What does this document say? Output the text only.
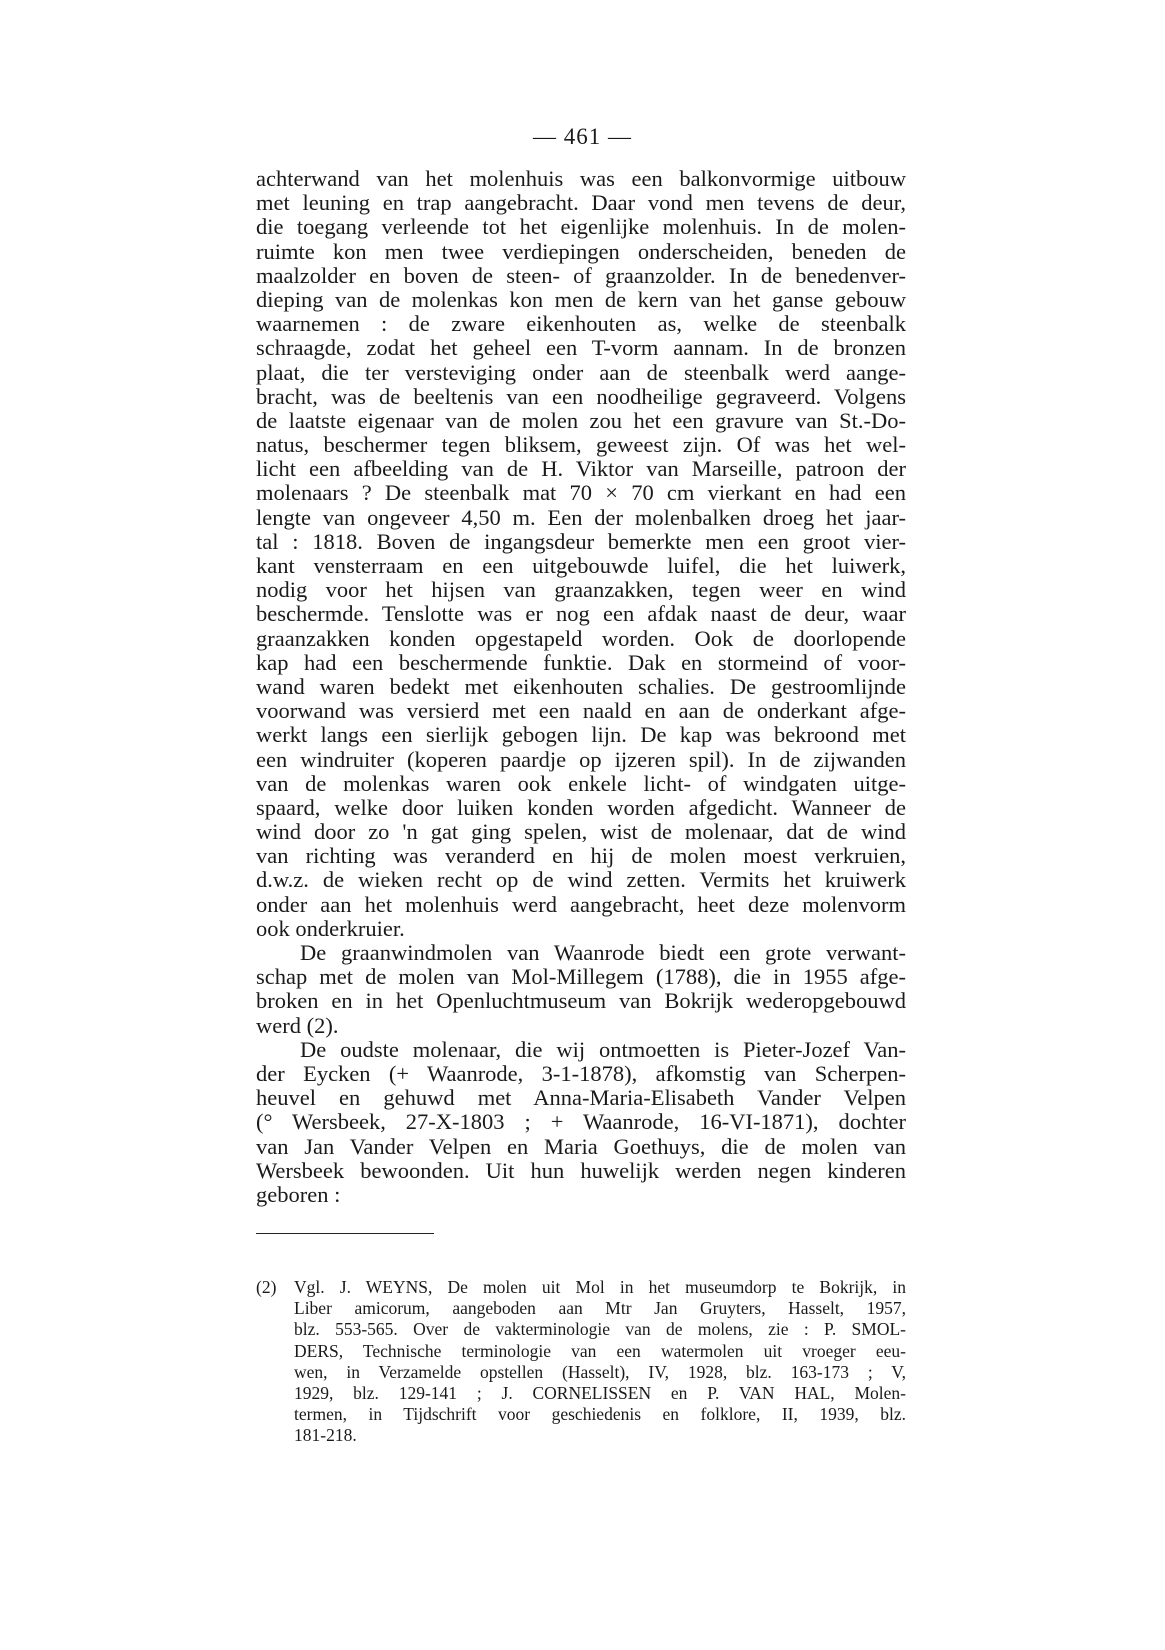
— 461 —
achterwand van het molenhuis was een balkonvormige uitbouw
met leuning en trap aangebracht. Daar vond men tevens de deur,
die toegang verleende tot het eigenlijke molenhuis. In de molen-
ruimte kon men twee verdiepingen onderscheiden, beneden de
maalzolder en boven de steen- of graanzolder. In de benedenver-
dieping van de molenkas kon men de kern van het ganse gebouw
waarnemen : de zware eikenhouten as, welke de steenbalk
schraagde, zodat het geheel een T-vorm aannam. In de bronzen
plaat, die ter versteviging onder aan de steenbalk werd aange-
bracht, was de beeltenis van een noodheilige gegraveerd. Volgens
de laatste eigenaar van de molen zou het een gravure van St.-Do-
natus, beschermer tegen bliksem, geweest zijn. Of was het wel-
licht een afbeelding van de H. Viktor van Marseille, patroon der
molenaars ? De steenbalk mat 70 × 70 cm vierkant en had een
lengte van ongeveer 4,50 m. Een der molenbalken droeg het jaar-
tal : 1818. Boven de ingangsdeur bemerkte men een groot vier-
kant vensterraam en een uitgebouwde luifel, die het luiwerk,
nodig voor het hijsen van graanzakken, tegen weer en wind
beschermde. Tenslotte was er nog een afdak naast de deur, waar
graanzakken konden opgestapeld worden. Ook de doorlopende
kap had een beschermende funktie. Dak en stormeind of voor-
wand waren bedekt met eikenhouten schalies. De gestroomlijnde
voorwand was versierd met een naald en aan de onderkant afge-
werkt langs een sierlijk gebogen lijn. De kap was bekroond met
een windruiter (koperen paardje op ijzeren spil). In de zijwanden
van de molenkas waren ook enkele licht- of windgaten uitge-
spaard, welke door luiken konden worden afgedicht. Wanneer de
wind door zo 'n gat ging spelen, wist de molenaar, dat de wind
van richting was veranderd en hij de molen moest verkruien,
d.w.z. de wieken recht op de wind zetten. Vermits het kruiwerk
onder aan het molenhuis werd aangebracht, heet deze molenvorm
ook onderkruier.
De graanwindmolen van Waanrode biedt een grote verwant-
schap met de molen van Mol-Millegem (1788), die in 1955 afge-
broken en in het Openluchtmuseum van Bokrijk wederopgebouwd
werd (2).
De oudste molenaar, die wij ontmoetten is Pieter-Jozef Van-
der Eycken (+ Waanrode, 3-1-1878), afkomstig van Scherpen-
heuvel en gehuwd met Anna-Maria-Elisabeth Vander Velpen
(° Wersbeek, 27-X-1803 ; + Waanrode, 16-VI-1871), dochter
van Jan Vander Velpen en Maria Goethuys, die de molen van
Wersbeek bewoonden. Uit hun huwelijk werden negen kinderen
geboren :
(2) Vgl. J. WEYNS, De molen uit Mol in het museumdorp te Bokrijk, in
Liber amicorum, aangeboden aan Mtr Jan Gruyters, Hasselt, 1957,
blz. 553-565. Over de vakterminologie van de molens, zie : P. SMOL-
DERS, Technische terminologie van een watermolen uit vroeger eeu-
wen, in Verzamelde opstellen (Hasselt), IV, 1928, blz. 163-173 ; V,
1929, blz. 129-141 ; J. CORNELISSEN en P. VAN HAL, Molen-
termen, in Tijdschrift voor geschiedenis en folklore, II, 1939, blz.
181-218.
